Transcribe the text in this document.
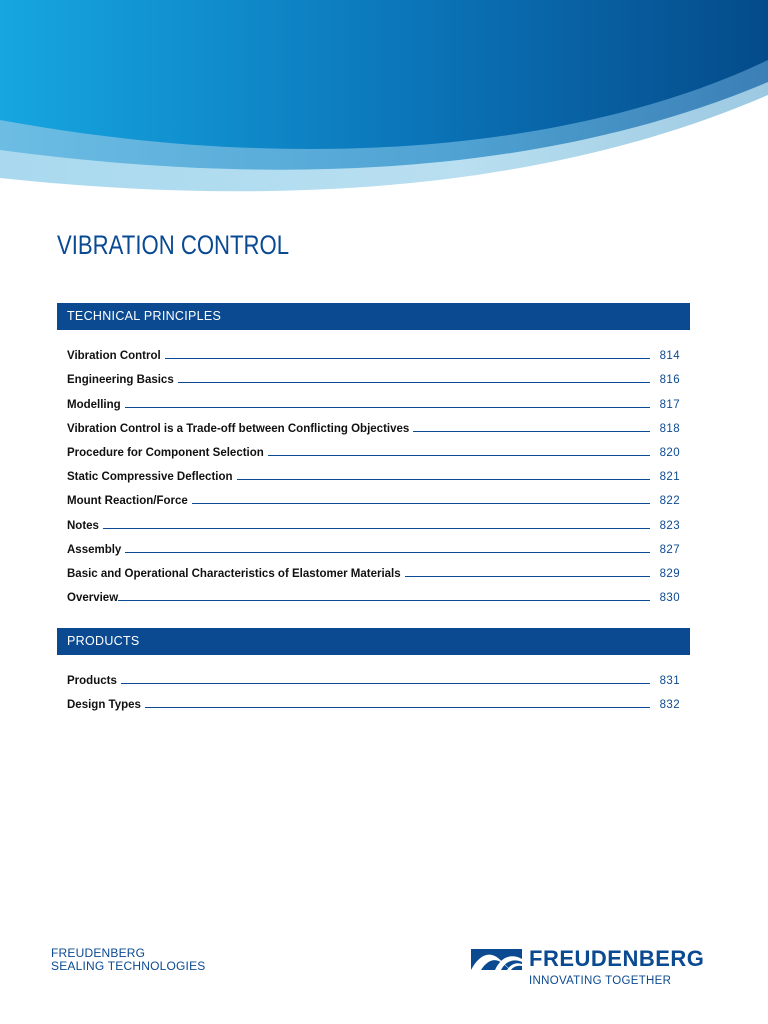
VIBRATION CONTROL
TECHNICAL PRINCIPLES
Vibration Control	814
Engineering Basics	816
Modelling	817
Vibration Control is a Trade-off between Conflicting Objectives	818
Procedure for Component Selection	820
Static Compressive Deflection	821
Mount Reaction/Force	822
Notes	823
Assembly	827
Basic and Operational Characteristics of Elastomer Materials	829
Overview	830
PRODUCTS
Products	831
Design Types	832
FREUDENBERG
SEALING TECHNOLOGIES	FREUDENBERG
INNOVATING TOGETHER
